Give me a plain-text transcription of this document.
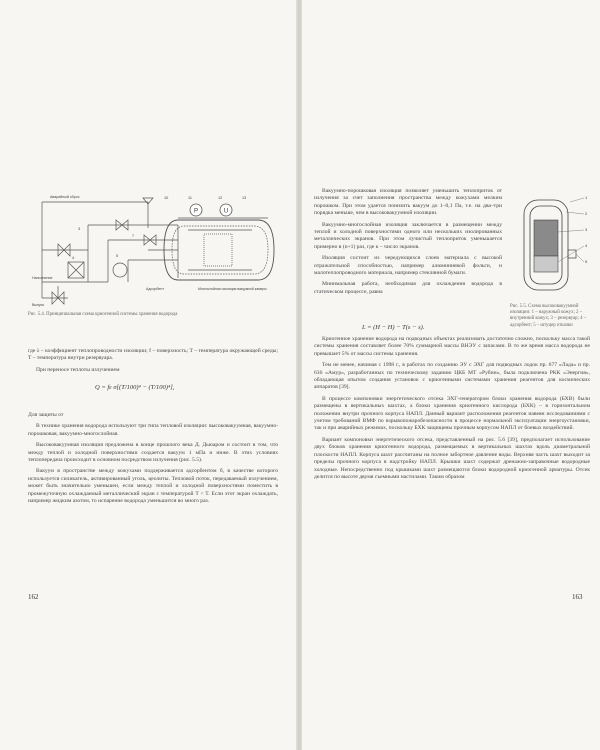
P	U
Аварийный сброс
Наполнение
Выпуск
Адсорбент	Многослойная изоляция вакуумной камеры
10	11	12	13
7
5
4
3
Рис. 5.4. Принципиальная схема криогенной системы хранения водорода

где λ – коэффициент теплопроводности изоляции; f – поверхность; T – температура окружающей среды; T – температура внутри резервуара.

При переносе теплоты излучением

Q = fε σ[(T/100)⁴ − (T/100)⁴],

Для защиты от

В технике хранения водорода используют три типа тепловой изоляции: высоковакуумная, вакуумно-порошковая, вакуумно-многослойная.

Высоковакуумная изоляция предложена в конце прошлого века Д. Дьюаром и состоит в том, что между теплой и холодной поверхностями создается вакуум 1 мПа и ниже. В этих условиях теплопередача происходит в основном посредством излучения (рис. 5.5).

Вакуум в пространстве между кожухами поддерживается адсорбентом б, в качестве которого используется силикагель, активированный уголь, цеолиты. Тепловой поток, передаваемый излучением, может быть значительно уменьшен, если между теплой и холодной поверхностями поместить в промежуточную охлаждаемый металлический экран с температурой T < T. Если этот экран охлаждать, например жидким азотом, то испарение водорода уменьшится во много раз.

162

Вакуумно-порошковая изоляция позволяет уменьшить теплоприток от излучения за счет заполнения пространства между кожухами мелким порошком. При этом удается понизить вакуум до 1–0,1 Па, т.е. на два–три порядка меньше, чем в высоковакуумной изоляции.

Вакуумно-многослойная изоляция заключается в размещении между теплой и холодной поверхностями одного или нескольких изолированных металлических экранов. При этом лучистый теплоприток уменьшается примерно в (n+1) раз, где к – число экранов.

Изоляция состоит из чередующихся слоев материала с высокой отражательной способностью, например алюминиевой фольги, и малотеплопроводного материала, например стеклянной бумаги.

Минимальная работа, необходимая для охлаждения водорода в статическом процессе, равна

L = (H − H) − T(s − s).
1
2
3
4
5
Рис. 5.5. Схема высоковакуумной изоляции: 1 – наружный кожух; 2 – внутренний кожух; 3 – резервуар; 4 – адсорбент; 5 – штуцер откачки

Криогенное хранение водорода на подводных объектах реализовать достаточно сложно, поскольку масса такой системы хранения составляет более 70% суммарной массы ВНЭУ с запасами. В то же время масса водорода не превышает 5% от массы системы хранения.

Тем не менее, начиная с 1998 г., в работах по созданию ЭУ с ЭХГ для подводных лодок пр. 677 «Лада» и пр. 636 «Амур», разработанных по техническому заданию ЦКБ МТ «Рубин», была подключена РКК «Энергия», обладающая опытом создания установок с криогенными системами хранения реагентов для космических аппаратов [39].

В процессе компоновки энергетического отсека ЭХГ-генератором блоки хранения водорода (БХВ) были размещены в вертикальных шахтах, а блоки хранения криогенного кислорода (БХК) – в горизонтальном положении внутри прочного корпуса НАПЛ. Данный вариант расположения реагентов навеян исследованиями с учетом требований ВМФ по взрывопожаробезопасности в процессе нормальной эксплуатации энергоустановки, так и при аварийных режимах, поскольку БХК защищены прочным корпусом НАПЛ от боевых воздействий.

Вариант компоновки энергетического отсека, представленный на рис. 5.6 [39], предполагает использование двух блоков хранения криогенного водорода, размещаемых в вертикальных шахтах вдоль диаметральной плоскости НАПЛ. Корпуса шахт рассчитаны на полное забортное давление воды. Верхняя часть шахт выходит за пределы прочного корпуса в надстройку НАПЛ. Крышки шахт содержат дренажно-заправочные водородные холодные. Непосредственно под крышками шахт размещаются блоки водородной криогенной арматуры. Отсек делится по высоте двумя съемными настилами. Таким образом

163
